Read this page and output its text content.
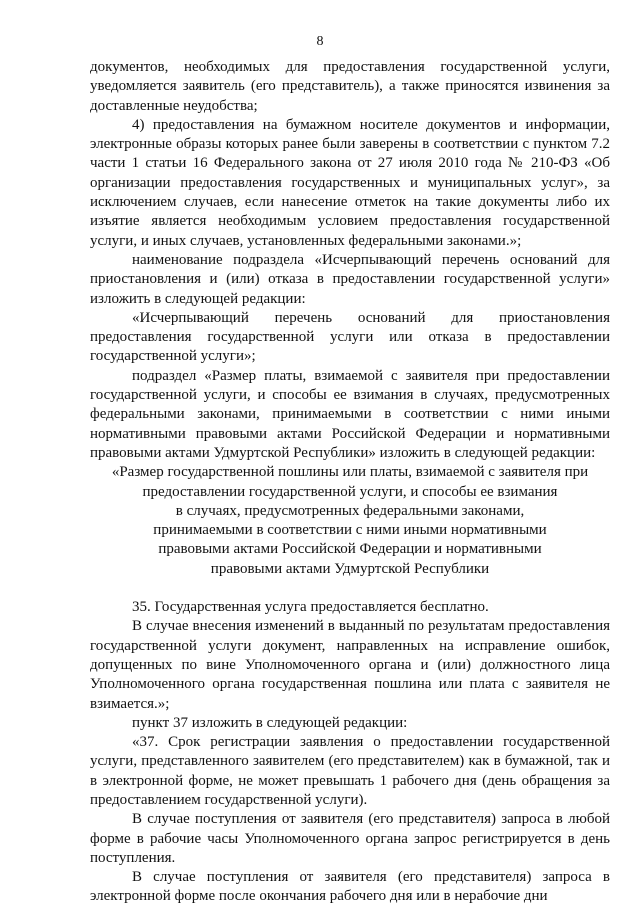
8

документов, необходимых для предоставления государственной услуги, уведомляется заявитель (его представитель), а также приносятся извинения за доставленные неудобства;

4) предоставления на бумажном носителе документов и информации, электронные образы которых ранее были заверены в соответствии с пунктом 7.2 части 1 статьи 16 Федерального закона от 27 июля 2010 года № 210-ФЗ «Об организации предоставления государственных и муниципальных услуг», за исключением случаев, если нанесение отметок на такие документы либо их изъятие является необходимым условием предоставления государственной услуги, и иных случаев, установленных федеральными законами.»;

наименование подраздела «Исчерпывающий перечень оснований для приостановления и (или) отказа в предоставлении государственной услуги» изложить в следующей редакции:

«Исчерпывающий перечень оснований для приостановления предоставления государственной услуги или отказа в предоставлении государственной услуги»;

подраздел «Размер платы, взимаемой с заявителя при предоставлении государственной услуги, и способы ее взимания в случаях, предусмотренных федеральными законами, принимаемыми в соответствии с ними иными нормативными правовыми актами Российской Федерации и нормативными правовыми актами Удмуртской Республики» изложить в следующей редакции:

«Размер государственной пошлины или платы, взимаемой с заявителя при

предоставлении государственной услуги, и способы ее взимания

в случаях, предусмотренных федеральными законами,

принимаемыми в соответствии с ними иными нормативными

правовыми актами Российской Федерации и нормативными

правовыми актами Удмуртской Республики

35. Государственная услуга предоставляется бесплатно.

В случае внесения изменений в выданный по результатам предоставления государственной услуги документ, направленных на исправление ошибок, допущенных по вине Уполномоченного органа и (или) должностного лица Уполномоченного органа государственная пошлина или плата с заявителя не взимается.»;

пункт 37 изложить в следующей редакции:

«37. Срок регистрации заявления о предоставлении государственной услуги, представленного заявителем (его представителем) как в бумажной, так и в электронной форме, не может превышать 1 рабочего дня (день обращения за предоставлением государственной услуги).

В случае поступления от заявителя (его представителя) запроса в любой форме в рабочие часы Уполномоченного органа запрос регистрируется в день поступления.

В случае поступления от заявителя (его представителя) запроса в электронной форме после окончания рабочего дня или в нерабочие дни
